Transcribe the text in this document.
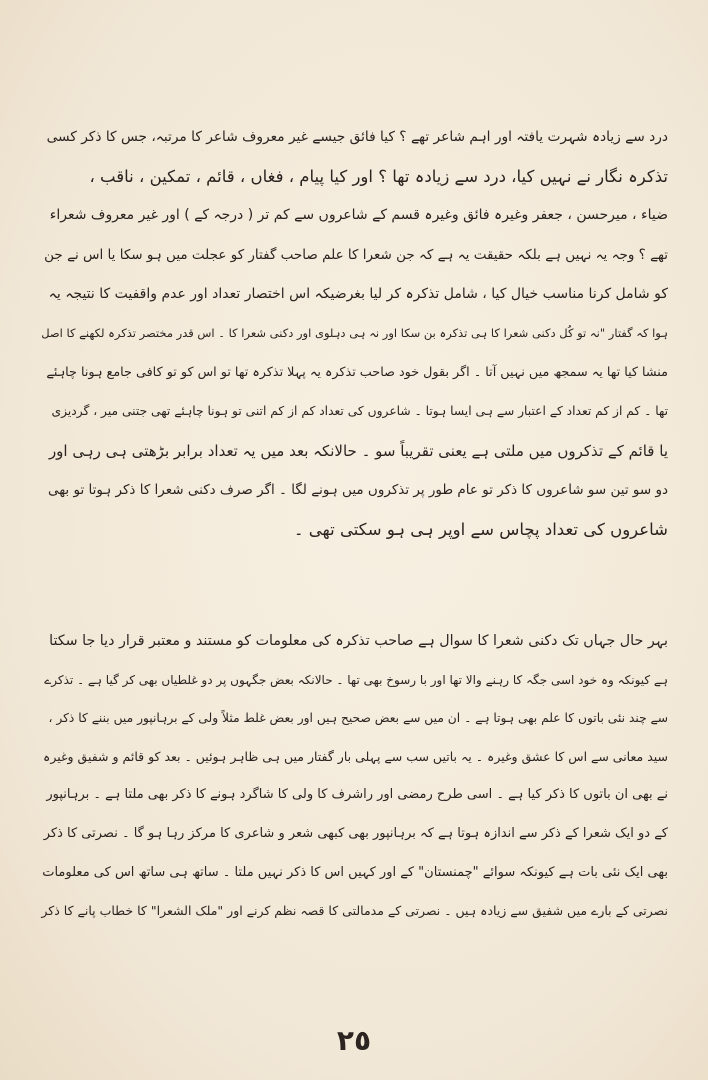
درد سے زیادہ شہرت یافتہ اور اہم شاعر تھے ؟ کیا فائق جیسے غیر معروف شاعر کا مرتبہ، جس کا ذکر کسی
تذکرہ نگار نے نہیں کیا، درد سے زیادہ تھا ؟ اور کیا پیام ، فغاں ، قائم ، تمکین ، ناقب ،
ضیاء ، میرحسن ، جعفر وغیرہ فائق وغیرہ قسم کے شاعروں سے کم تر ( درجہ کے ) اور غیر معروف شعراء
تھے ؟ وجہ یہ نہیں ہے بلکہ حقیقت یہ ہے کہ جن شعرا کا علم صاحب گفتار کو عجلت میں ہو سکا یا اس نے جن
کو شامل کرنا مناسب خیال کیا ، شامل تذکرہ کر لیا بغرضیکہ اس اختصار تعداد اور عدم واقفیت کا نتیجہ یہ
ہوا کہ گفتار "نہ تو کُل دکنی شعرا کا ہی تذکرہ بن سکا اور نہ ہی دہلوی اور دکنی شعرا کا ۔ اس قدر مختصر تذکرہ لکھنے کا اصل
منشا کیا تھا یہ سمجھ میں نہیں آتا ۔ اگر بقول خود صاحب تذکرہ یہ پہلا تذکرہ تھا تو اس کو تو کافی جامع ہونا چاہئے
تھا ۔ کم از کم تعداد کے اعتبار سے ہی ایسا ہوتا ۔ شاعروں کی تعداد کم از کم اتنی تو ہونا چاہئے تھی جتنی میر ، گردیزی
یا قائم کے تذکروں میں ملتی ہے یعنی تقریباً سو ۔ حالانکہ بعد میں یہ تعداد برابر بڑھتی ہی رہی اور
دو سو تین سو شاعروں کا ذکر تو عام طور پر تذکروں میں ہونے لگا ۔ اگر صرف دکنی شعرا کا ذکر ہوتا تو بھی
شاعروں کی تعداد پچاس سے اوپر ہی ہو سکتی تھی ۔
بہر حال جہاں تک دکنی شعرا کا سوال ہے صاحب تذکرہ کی معلومات کو مستند و معتبر قرار دیا جا سکتا
ہے کیونکہ وہ خود اسی جگہ کا رہنے والا تھا اور با رسوخ بھی تھا ۔ حالانکہ بعض جگہوں پر دو غلطیاں بھی کر گیا ہے ۔ تذکرے
سے چند نئی باتوں کا علم بھی ہوتا ہے ۔ ان میں سے بعض صحیح ہیں اور بعض غلط مثلاً ولی کے برہانپور میں بننے کا ذکر ،
سید معانی سے اس کا عشق وغیرہ ۔ یہ باتیں سب سے پہلی بار گفتار میں ہی ظاہر ہوئیں ۔ بعد کو قائم و شفیق وغیرہ
نے بھی ان باتوں کا ذکر کیا ہے ۔ اسی طرح رمضی اور راشرف کا ولی کا شاگرد ہونے کا ذکر بھی ملتا ہے ۔ برہانپور
کے دو ایک شعرا کے ذکر سے اندازہ ہوتا ہے کہ برہانپور بھی کبھی شعر و شاعری کا مرکز رہا ہو گا ۔ نصرتی کا ذکر
بھی ایک نئی بات ہے کیونکہ سوائے "چمنستان" کے اور کہیں اس کا ذکر نہیں ملتا ۔ ساتھ ہی ساتھ اس کی معلومات
نصرتی کے بارے میں شفیق سے زیادہ ہیں ۔ نصرتی کے مدمالتی کا قصہ نظم کرنے اور "ملک الشعرا" کا خطاب پانے کا ذکر
٢٥
